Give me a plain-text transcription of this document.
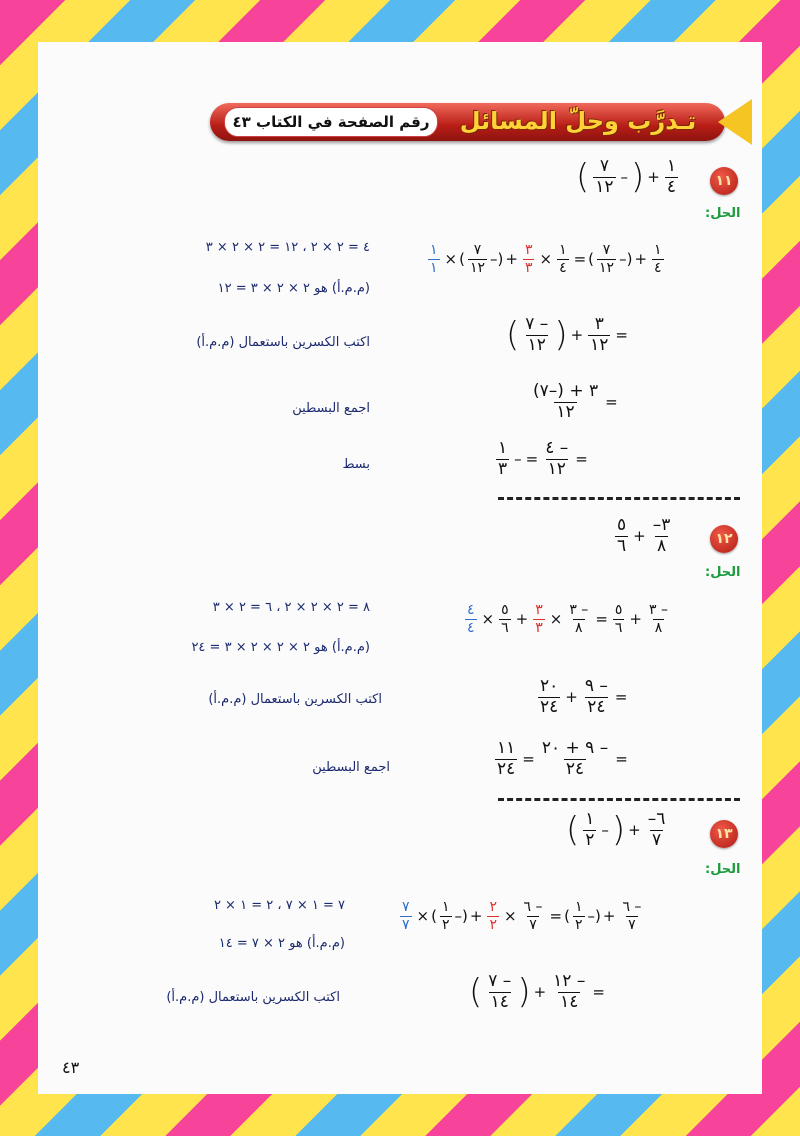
رقم الصفحة في الكتاب ٤٣	تـدرَّب وحلّ المسائل
١١
( $\frac{٧}{١٢}$ – ) + $\frac{١}{٤}$
الحل:
$\frac{١}{١}$ × ( $\frac{٧}{١٢}$ – ) + $\frac{٣}{٣} \times \frac{١}{٤}$ = ( $\frac{٧}{١٢}$ – ) + $\frac{١}{٤}$
٤ = ٢ × ٢ ، ١٢ = ٢ × ٢ × ٣
(م.م.أ) هو ٢ × ٢ × ٣ = ١٢
( $\frac{٧ -}{١٢}$ ) + $\frac{٣}{١٢}$ =
اكتب الكسرين باستعمال (م.م.أ)
$\frac{٣ + (-٧)}{١٢}$ =
اجمع البسطين
$\frac{١}{٣}$ – = $\frac{٤ -}{١٢}$ =
بسط
١٢
$\frac{٥}{٦} + \frac{-٣}{٨}$
الحل:
$\frac{٤}{٤} \times \frac{٥}{٦} + \frac{٣}{٣} \times \frac{٣ -}{٨} = \frac{٥}{٦} + \frac{٣ -}{٨}$
٨ = ٢ × ٢ × ٢ ، ٦ = ٢ × ٣
(م.م.أ) هو ٢ × ٢ × ٢ × ٣ = ٢٤
$\frac{٢٠}{٢٤} + \frac{٩ -}{٢٤}$ =
اكتب الكسرين باستعمال (م.م.أ)
$\frac{١١}{٢٤} = \frac{٩ + ٢٠ -}{٢٤}$ =
اجمع البسطين
١٣
( $\frac{١}{٢}$ – ) + $\frac{-٦}{٧}$
الحل:
$\frac{٧}{٧}$ × ( $\frac{١}{٢}$ – ) + $\frac{٢}{٢} \times \frac{٦ -}{٧}$ = ( $\frac{١}{٢}$ – ) + $\frac{٦ -}{٧}$
٧ = ١ × ٧ ، ٢ = ١ × ٢
(م.م.أ) هو ٢ × ٧ = ١٤
( $\frac{٧ -}{١٤}$ ) + $\frac{١٢ -}{١٤}$ =
اكتب الكسرين باستعمال (م.م.أ)
٤٣
